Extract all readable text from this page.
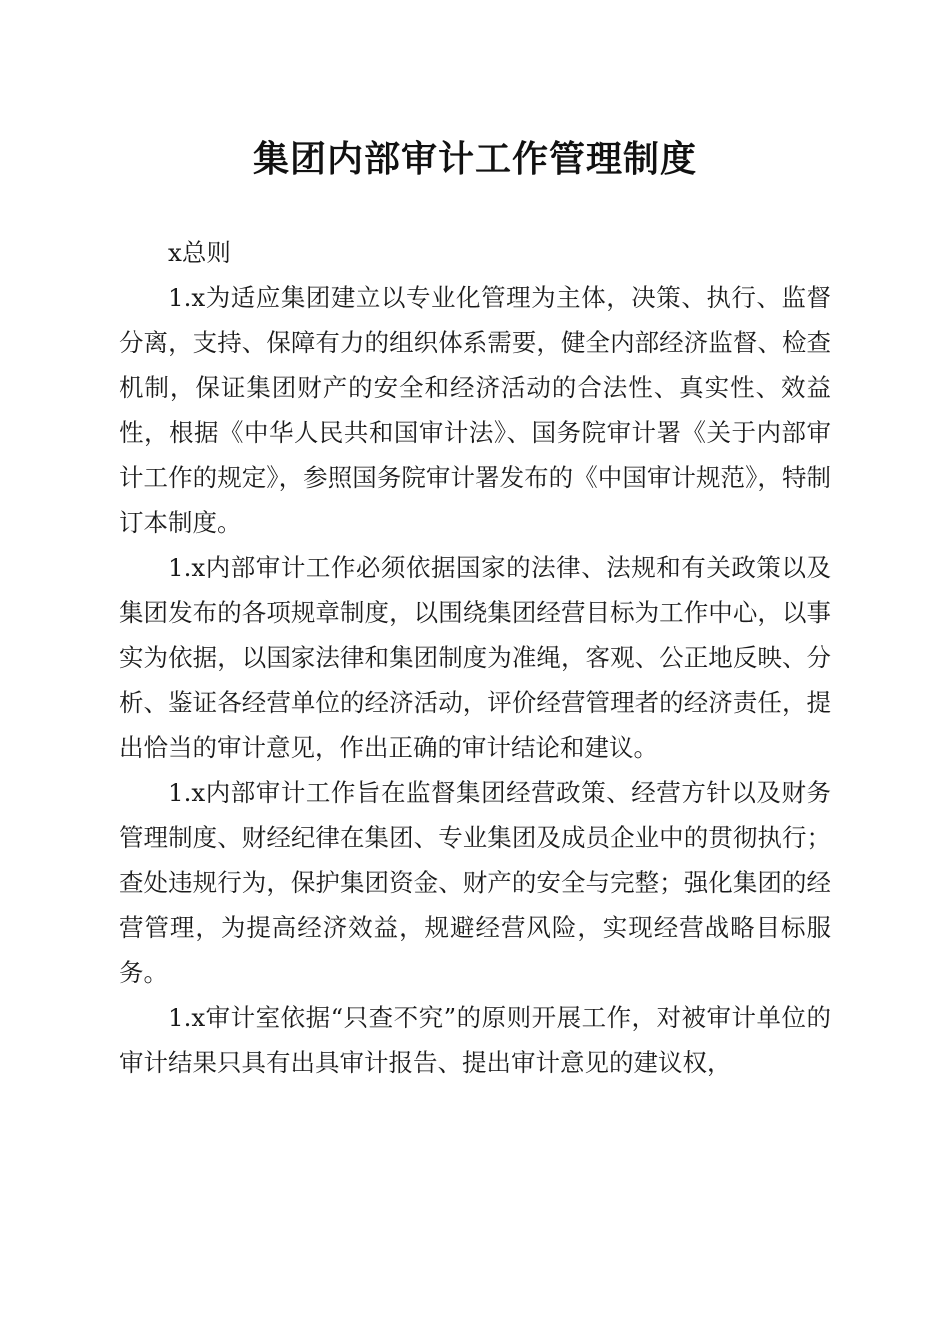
集团内部审计工作管理制度

x总则

1.x为适应集团建立以专业化管理为主体，决策、执行、监督分离，支持、保障有力的组织体系需要，健全内部经济监督、检查机制，保证集团财产的安全和经济活动的合法性、真实性、效益性，根据《中华人民共和国审计法》、国务院审计署《关于内部审计工作的规定》，参照国务院审计署发布的《中国审计规范》，特制订本制度。

1.x内部审计工作必须依据国家的法律、法规和有关政策以及集团发布的各项规章制度，以围绕集团经营目标为工作中心，以事实为依据，以国家法律和集团制度为准绳，客观、公正地反映、分析、鉴证各经营单位的经济活动，评价经营管理者的经济责任，提出恰当的审计意见，作出正确的审计结论和建议。

1.x内部审计工作旨在监督集团经营政策、经营方针以及财务管理制度、财经纪律在集团、专业集团及成员企业中的贯彻执行；查处违规行为，保护集团资金、财产的安全与完整；强化集团的经营管理，为提高经济效益，规避经营风险，实现经营战略目标服务。

1.x审计室依据“只查不究”的原则开展工作，对被审计单位的审计结果只具有出具审计报告、提出审计意见的建议权，
